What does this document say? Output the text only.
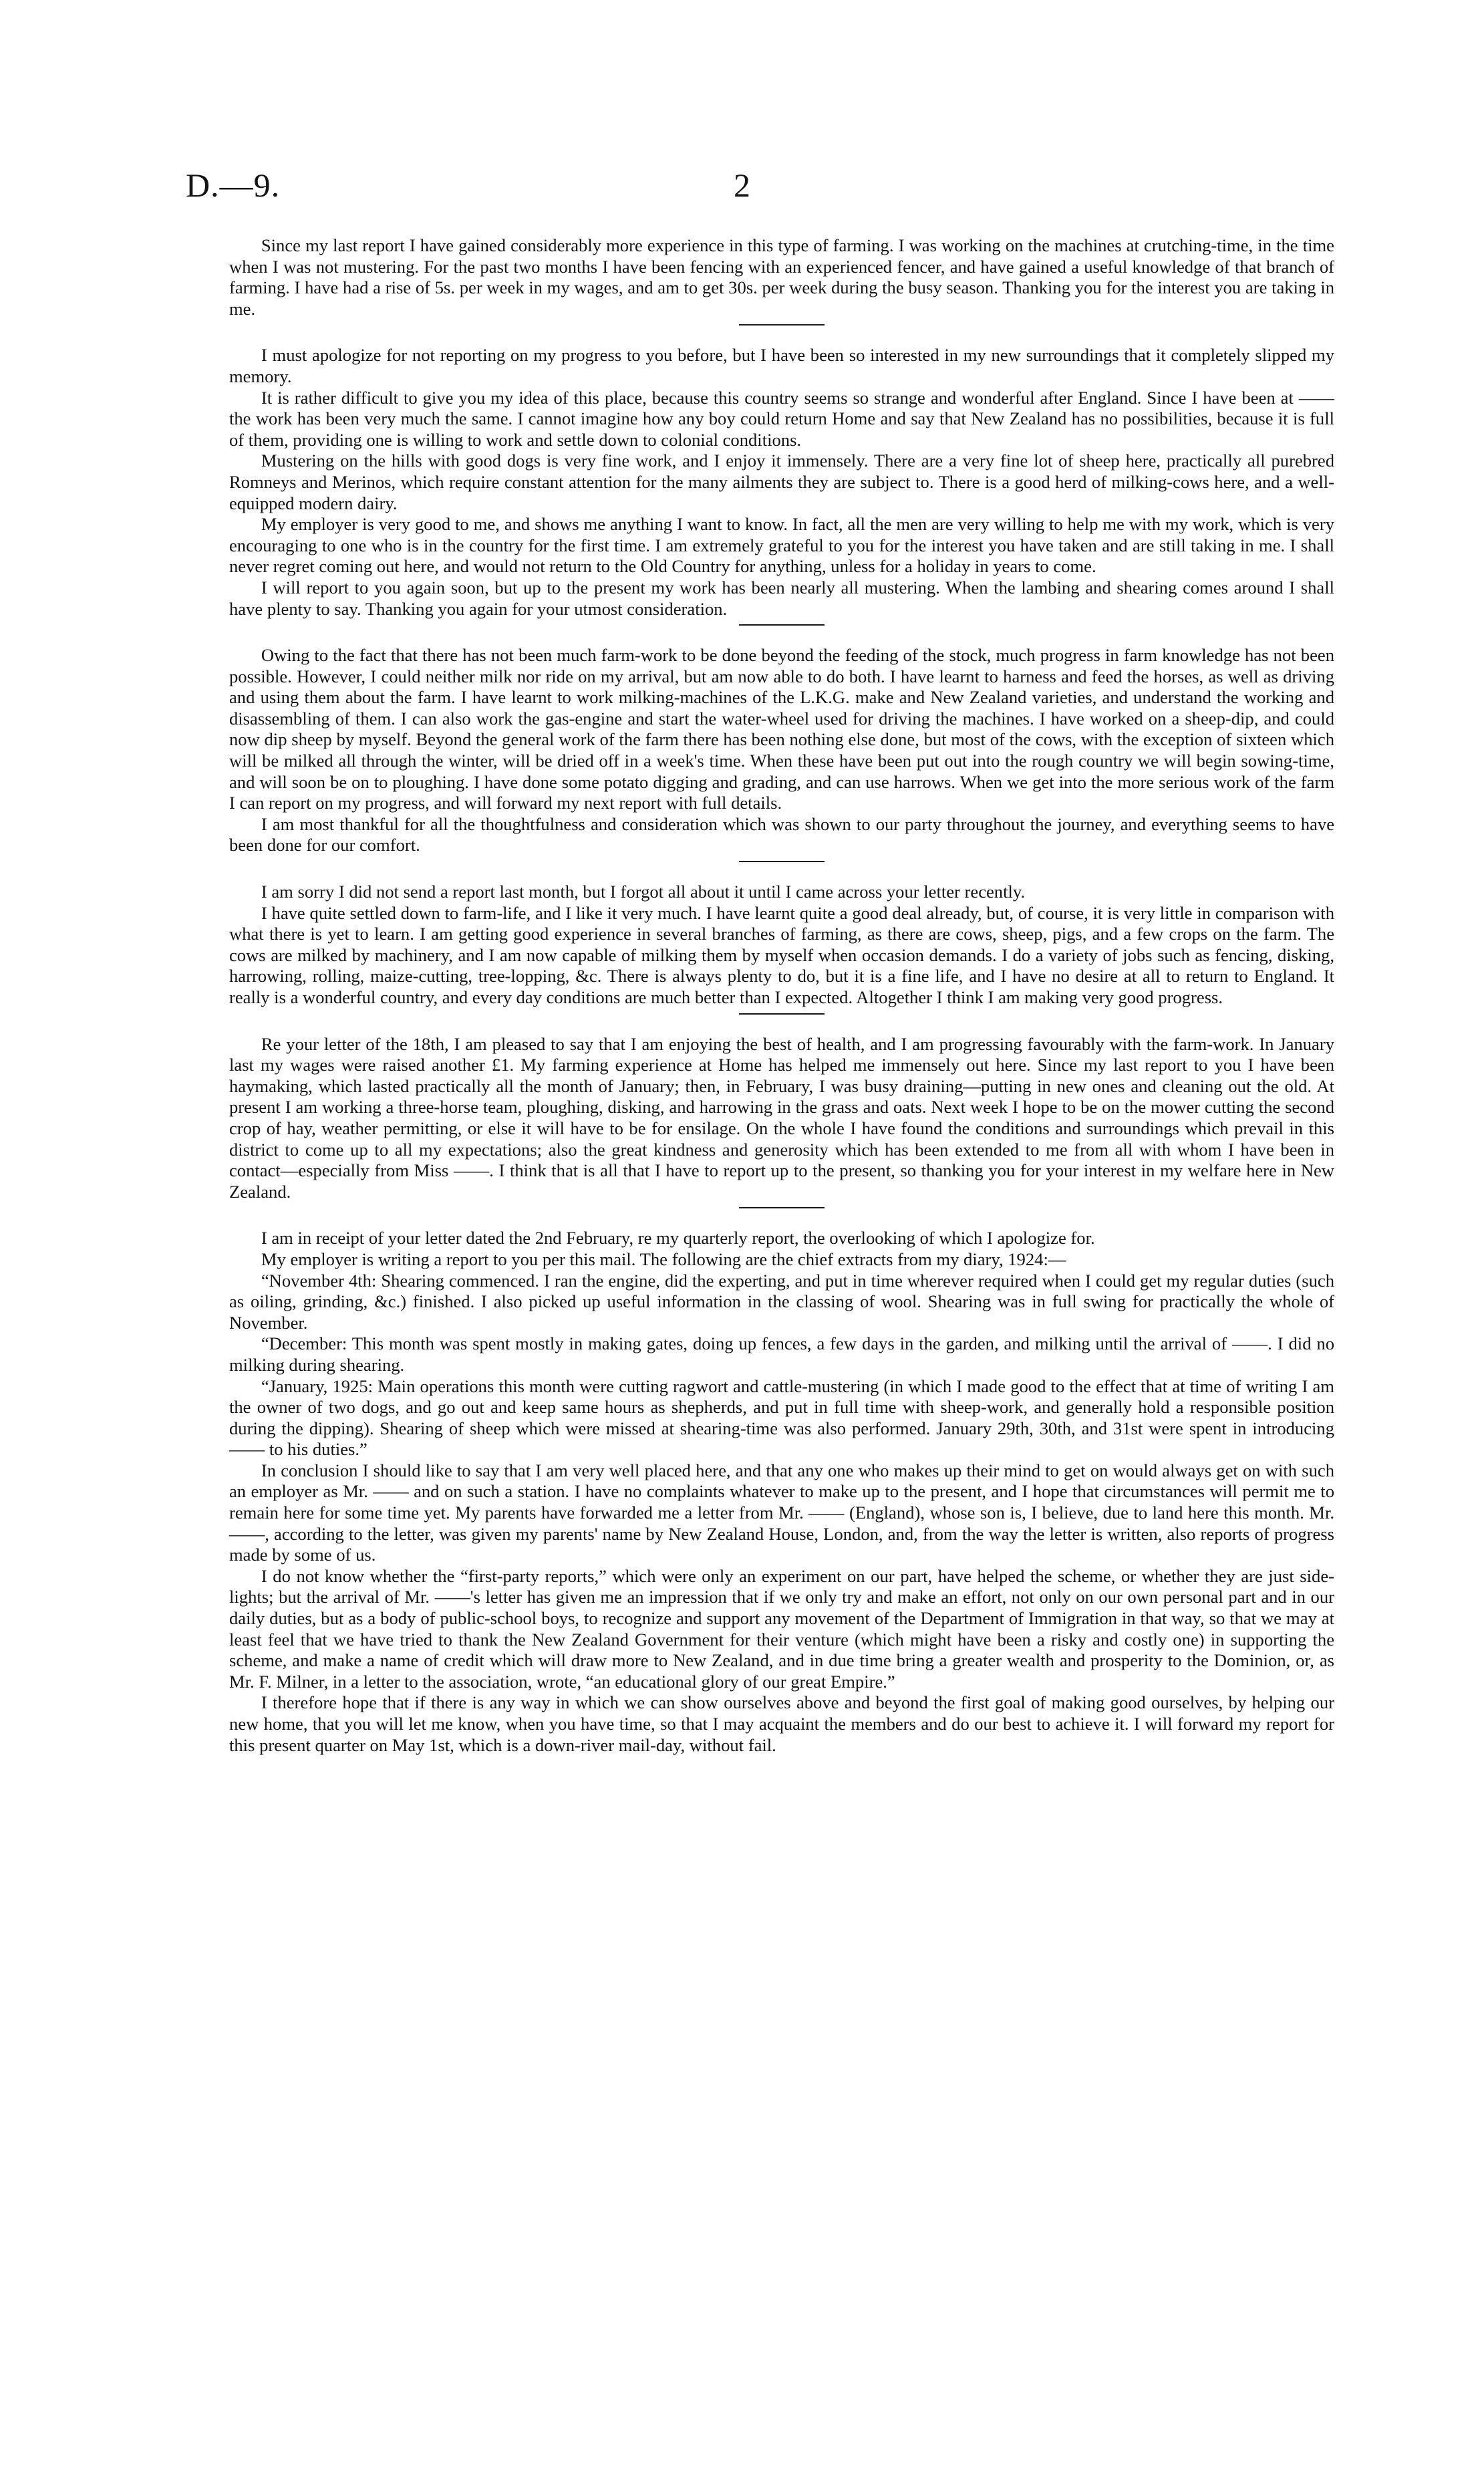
D.—9.	2

Since my last report I have gained considerably more experience in this type of farming. I was working on the machines at crutching-time, in the time when I was not mustering. For the past two months I have been fencing with an experienced fencer, and have gained a useful knowledge of that branch of farming. I have had a rise of 5s. per week in my wages, and am to get 30s. per week during the busy season. Thanking you for the interest you are taking in me.

I must apologize for not reporting on my progress to you before, but I have been so interested in my new surroundings that it completely slipped my memory.

It is rather difficult to give you my idea of this place, because this country seems so strange and wonderful after England. Since I have been at —— the work has been very much the same. I cannot imagine how any boy could return Home and say that New Zealand has no possibilities, because it is full of them, providing one is willing to work and settle down to colonial conditions.

Mustering on the hills with good dogs is very fine work, and I enjoy it immensely. There are a very fine lot of sheep here, practically all purebred Romneys and Merinos, which require constant attention for the many ailments they are subject to. There is a good herd of milking-cows here, and a well-equipped modern dairy.

My employer is very good to me, and shows me anything I want to know. In fact, all the men are very willing to help me with my work, which is very encouraging to one who is in the country for the first time. I am extremely grateful to you for the interest you have taken and are still taking in me. I shall never regret coming out here, and would not return to the Old Country for anything, unless for a holiday in years to come.

I will report to you again soon, but up to the present my work has been nearly all mustering. When the lambing and shearing comes around I shall have plenty to say. Thanking you again for your utmost consideration.

Owing to the fact that there has not been much farm-work to be done beyond the feeding of the stock, much progress in farm knowledge has not been possible. However, I could neither milk nor ride on my arrival, but am now able to do both. I have learnt to harness and feed the horses, as well as driving and using them about the farm. I have learnt to work milking-machines of the L.K.G. make and New Zealand varieties, and understand the working and disassembling of them. I can also work the gas-engine and start the water-wheel used for driving the machines. I have worked on a sheep-dip, and could now dip sheep by myself. Beyond the general work of the farm there has been nothing else done, but most of the cows, with the exception of sixteen which will be milked all through the winter, will be dried off in a week's time. When these have been put out into the rough country we will begin sowing-time, and will soon be on to ploughing. I have done some potato digging and grading, and can use harrows. When we get into the more serious work of the farm I can report on my progress, and will forward my next report with full details.

I am most thankful for all the thoughtfulness and consideration which was shown to our party throughout the journey, and everything seems to have been done for our comfort.

I am sorry I did not send a report last month, but I forgot all about it until I came across your letter recently.

I have quite settled down to farm-life, and I like it very much. I have learnt quite a good deal already, but, of course, it is very little in comparison with what there is yet to learn. I am getting good experience in several branches of farming, as there are cows, sheep, pigs, and a few crops on the farm. The cows are milked by machinery, and I am now capable of milking them by myself when occasion demands. I do a variety of jobs such as fencing, disking, harrowing, rolling, maize-cutting, tree-lopping, &c. There is always plenty to do, but it is a fine life, and I have no desire at all to return to England. It really is a wonderful country, and every day conditions are much better than I expected. Altogether I think I am making very good progress.

Re your letter of the 18th, I am pleased to say that I am enjoying the best of health, and I am progressing favourably with the farm-work. In January last my wages were raised another £1. My farming experience at Home has helped me immensely out here. Since my last report to you I have been haymaking, which lasted practically all the month of January; then, in February, I was busy draining—putting in new ones and cleaning out the old. At present I am working a three-horse team, ploughing, disking, and harrowing in the grass and oats. Next week I hope to be on the mower cutting the second crop of hay, weather permitting, or else it will have to be for ensilage. On the whole I have found the conditions and surroundings which prevail in this district to come up to all my expectations; also the great kindness and generosity which has been extended to me from all with whom I have been in contact—especially from Miss ——. I think that is all that I have to report up to the present, so thanking you for your interest in my welfare here in New Zealand.

I am in receipt of your letter dated the 2nd February, re my quarterly report, the overlooking of which I apologize for.

My employer is writing a report to you per this mail. The following are the chief extracts from my diary, 1924:—

“November 4th: Shearing commenced. I ran the engine, did the experting, and put in time wherever required when I could get my regular duties (such as oiling, grinding, &c.) finished. I also picked up useful information in the classing of wool. Shearing was in full swing for practically the whole of November.

“December: This month was spent mostly in making gates, doing up fences, a few days in the garden, and milking until the arrival of ——. I did no milking during shearing.

“January, 1925: Main operations this month were cutting ragwort and cattle-mustering (in which I made good to the effect that at time of writing I am the owner of two dogs, and go out and keep same hours as shepherds, and put in full time with sheep-work, and generally hold a responsible position during the dipping). Shearing of sheep which were missed at shearing-time was also performed. January 29th, 30th, and 31st were spent in introducing —— to his duties.”

In conclusion I should like to say that I am very well placed here, and that any one who makes up their mind to get on would always get on with such an employer as Mr. —— and on such a station. I have no complaints whatever to make up to the present, and I hope that circumstances will permit me to remain here for some time yet. My parents have forwarded me a letter from Mr. —— (England), whose son is, I believe, due to land here this month. Mr. ——, according to the letter, was given my parents' name by New Zealand House, London, and, from the way the letter is written, also reports of progress made by some of us.

I do not know whether the “first-party reports,” which were only an experiment on our part, have helped the scheme, or whether they are just side-lights; but the arrival of Mr. ——'s letter has given me an impression that if we only try and make an effort, not only on our own personal part and in our daily duties, but as a body of public-school boys, to recognize and support any movement of the Department of Immigration in that way, so that we may at least feel that we have tried to thank the New Zealand Government for their venture (which might have been a risky and costly one) in supporting the scheme, and make a name of credit which will draw more to New Zealand, and in due time bring a greater wealth and prosperity to the Dominion, or, as Mr. F. Milner, in a letter to the association, wrote, “an educational glory of our great Empire.”

I therefore hope that if there is any way in which we can show ourselves above and beyond the first goal of making good ourselves, by helping our new home, that you will let me know, when you have time, so that I may acquaint the members and do our best to achieve it. I will forward my report for this present quarter on May 1st, which is a down-river mail-day, without fail.
